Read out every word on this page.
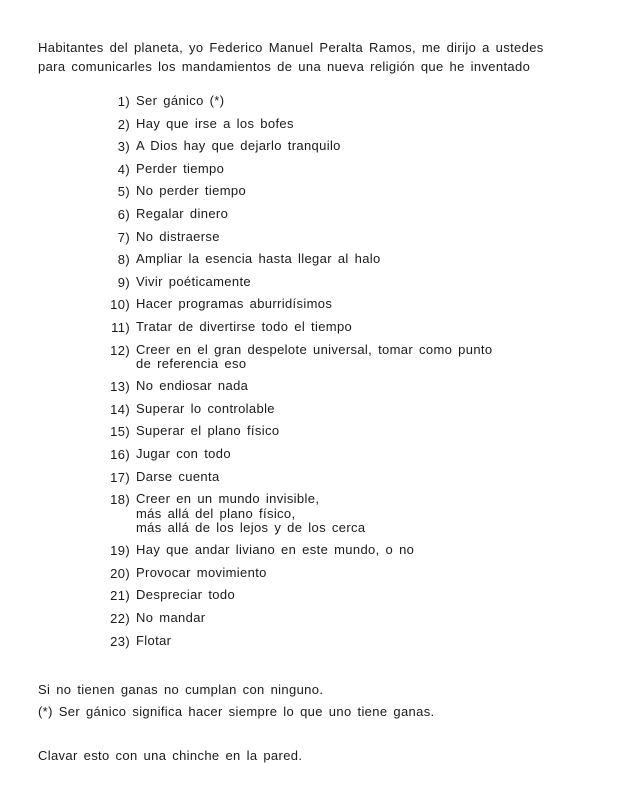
Habitantes del planeta, yo Federico Manuel Peralta Ramos, me dirijo a ustedes

para comunicarles los mandamientos de una nueva religión que he inventado

1) Ser gánico (*)
2) Hay que irse a los bofes
3) A Dios hay que dejarlo tranquilo
4) Perder tiempo
5) No perder tiempo
6) Regalar dinero
7) No distraerse
8) Ampliar la esencia hasta llegar al halo
9) Vivir poéticamente
10) Hacer programas aburridísimos
11) Tratar de divertirse todo el tiempo
12) Creer en el gran despelote universal, tomar como punto
de referencia eso
13) No endiosar nada
14) Superar lo controlable
15) Superar el plano físico
16) Jugar con todo
17) Darse cuenta
18) Creer en un mundo invisible,
más allá del plano físico,
más allá de los lejos y de los cerca
19) Hay que andar liviano en este mundo, o no
20) Provocar movimiento
21) Despreciar todo
22) No mandar
23) Flotar

Si no tienen ganas no cumplan con ninguno.

(*) Ser gánico significa hacer siempre lo que uno tiene ganas.

Clavar esto con una chinche en la pared.
